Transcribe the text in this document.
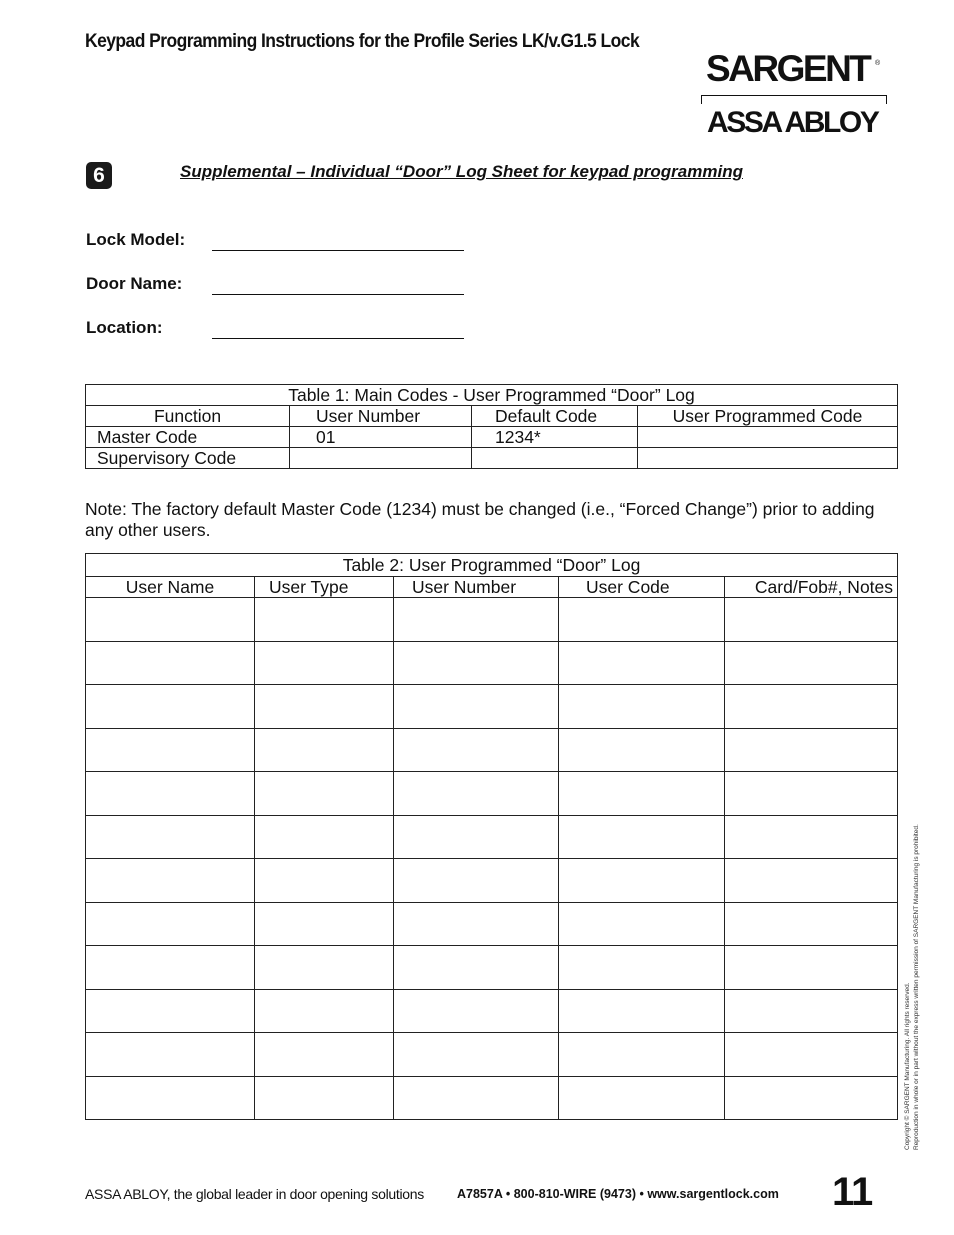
Keypad Programming Instructions for the Profile Series LK/v.G1.5 Lock
SARGENT ®
ASSA ABLOY
6	Supplemental – Individual “Door” Log Sheet for keypad programming
Lock Model:
Door Name:
Location:
Table 1: Main Codes - User Programmed “Door” Log			
Function	User Number	Default Code	User Programmed Code
Master Code	01	1234*	
Supervisory Code			
Note: The factory default Master Code (1234) must be changed (i.e., “Forced Change”) prior to adding any other users.
Table 2: User Programmed “Door” Log				
User Name	User Type	User Number	User Code	Card/Fob#, Notes

Copyright © SARGENT Manufacturing. All rights reserved. Reproduction in whole or in part without the express written permission of SARGENT Manufacturing is prohibited.
ASSA ABLOY, the global leader in door opening solutions	A7857A • 800-810-WIRE (9473) • www.sargentlock.com 11
